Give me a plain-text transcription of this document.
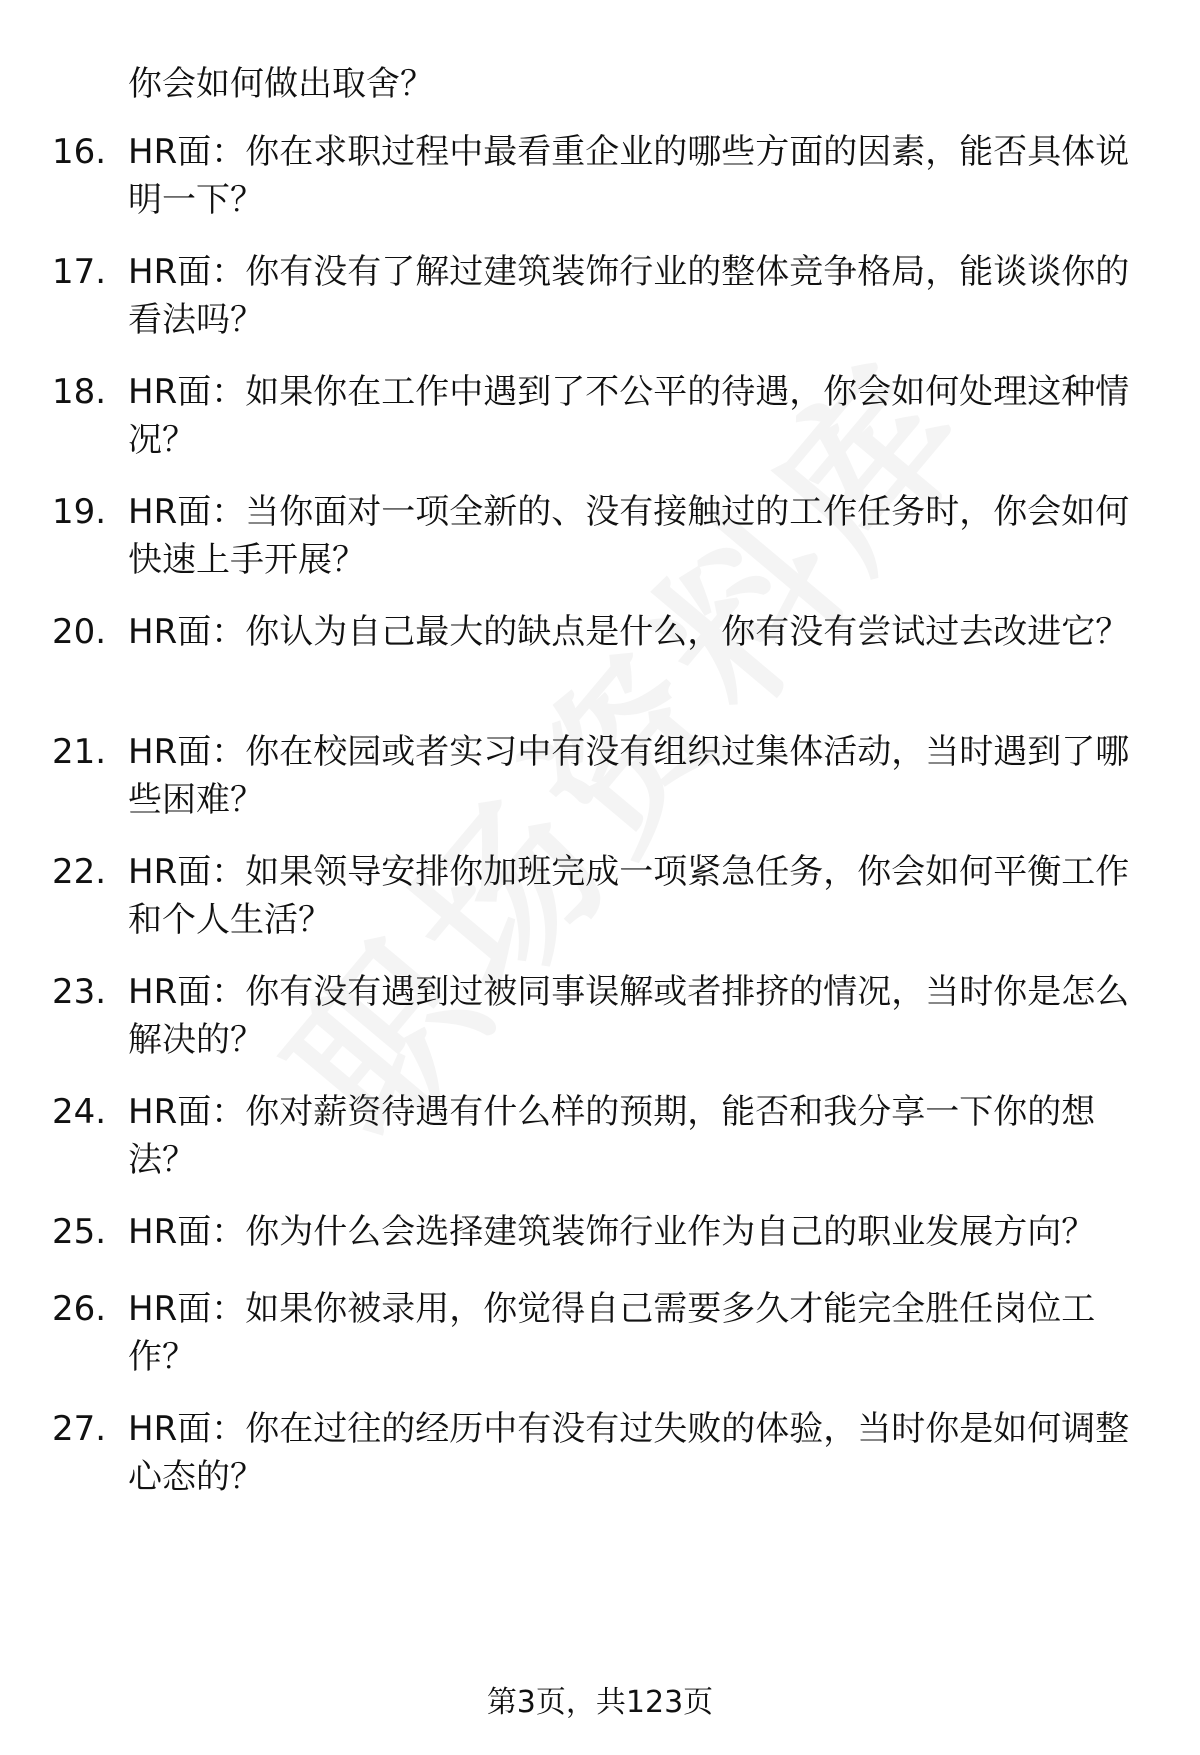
你会如何做出取舍？

16. HR面：你在求职过程中最看重企业的哪些方面的因素，能否具体说明一下？
17. HR面：你有没有了解过建筑装饰行业的整体竞争格局，能谈谈你的看法吗？
18. HR面：如果你在工作中遇到了不公平的待遇，你会如何处理这种情况？
19. HR面：当你面对一项全新的、没有接触过的工作任务时，你会如何快速上手开展？
20. HR面：你认为自己最大的缺点是什么，你有没有尝试过去改进它？
21. HR面：你在校园或者实习中有没有组织过集体活动，当时遇到了哪些困难？
22. HR面：如果领导安排你加班完成一项紧急任务，你会如何平衡工作和个人生活？
23. HR面：你有没有遇到过被同事误解或者排挤的情况，当时你是怎么解决的？
24. HR面：你对薪资待遇有什么样的预期，能否和我分享一下你的想法？
25. HR面：你为什么会选择建筑装饰行业作为自己的职业发展方向？
26. HR面：如果你被录用，你觉得自己需要多久才能完全胜任岗位工作？
27. HR面：你在过往的经历中有没有过失败的体验，当时你是如何调整心态的？
第3页，共123页
